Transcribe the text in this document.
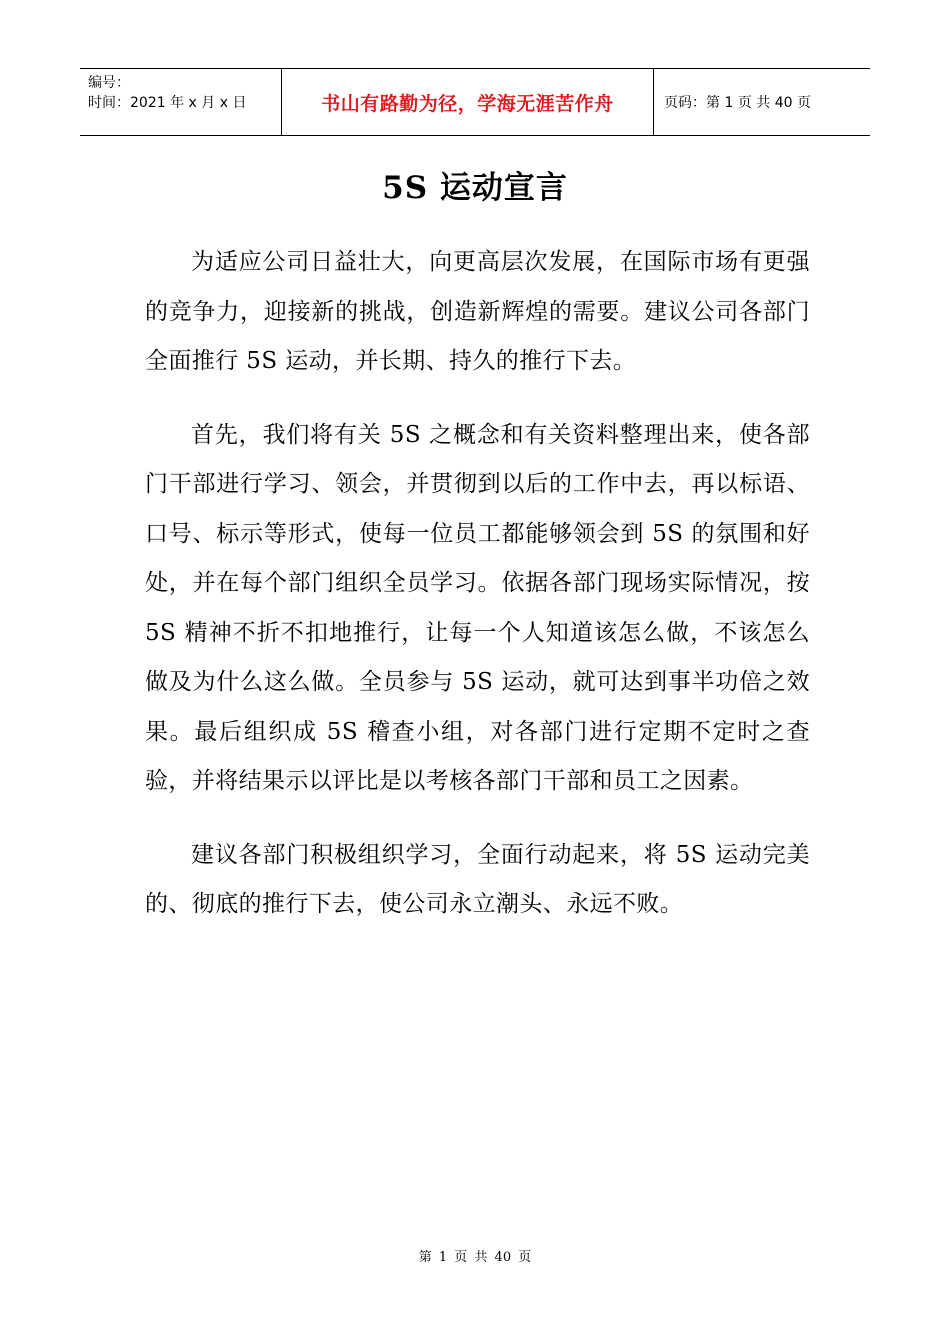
编号：
时间：2021 年 x 月 x 日	书山有路勤为径，学海无涯苦作舟	页码：第 1 页 共 40 页
5S 运动宣言

为适应公司日益壮大，向更高层次发展，在国际市场有更强的竞争力，迎接新的挑战，创造新辉煌的需要。建议公司各部门全面推行 5S 运动，并长期、持久的推行下去。

首先，我们将有关 5S 之概念和有关资料整理出来，使各部门干部进行学习、领会，并贯彻到以后的工作中去，再以标语、口号、标示等形式，使每一位员工都能够领会到 5S 的氛围和好处，并在每个部门组织全员学习。依据各部门现场实际情况，按 5S 精神不折不扣地推行，让每一个人知道该怎么做，不该怎么做及为什么这么做。全员参与 5S 运动，就可达到事半功倍之效果。最后组织成 5S 稽查小组，对各部门进行定期不定时之查验，并将结果示以评比是以考核各部门干部和员工之因素。

建议各部门积极组织学习，全面行动起来，将 5S 运动完美的、彻底的推行下去，使公司永立潮头、永远不败。

第 1 页 共 40 页
